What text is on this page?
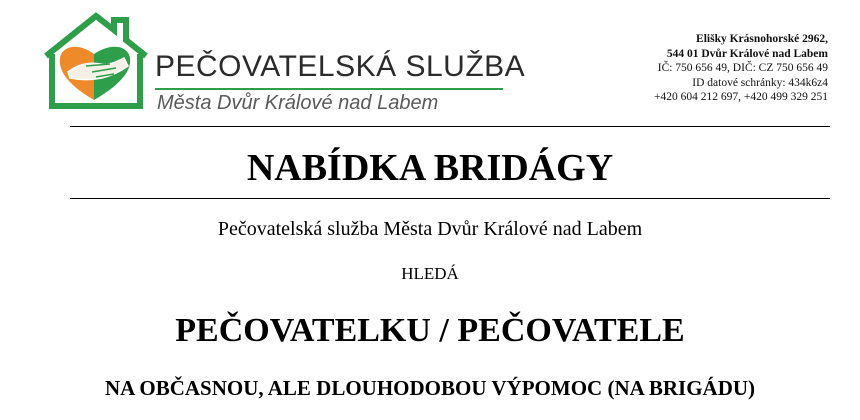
PEČOVATELSKÁ SLUŽBA
Města Dvůr Králové nad Labem
Elišky Krásnohorské 2962,
544 01 Dvůr Králové nad Labem
IČ: 750 656 49, DIČ: CZ 750 656 49
ID datové schránky: 434k6z4
+420 604 212 697, +420 499 329 251
NABÍDKA BRIDÁGY
Pečovatelská služba Města Dvůr Králové nad Labem
HLEDÁ
PEČOVATELKU / PEČOVATELE
NA OBČASNOU, ALE DLOUHODOBOU VÝPOMOC (NA BRIGÁDU)
